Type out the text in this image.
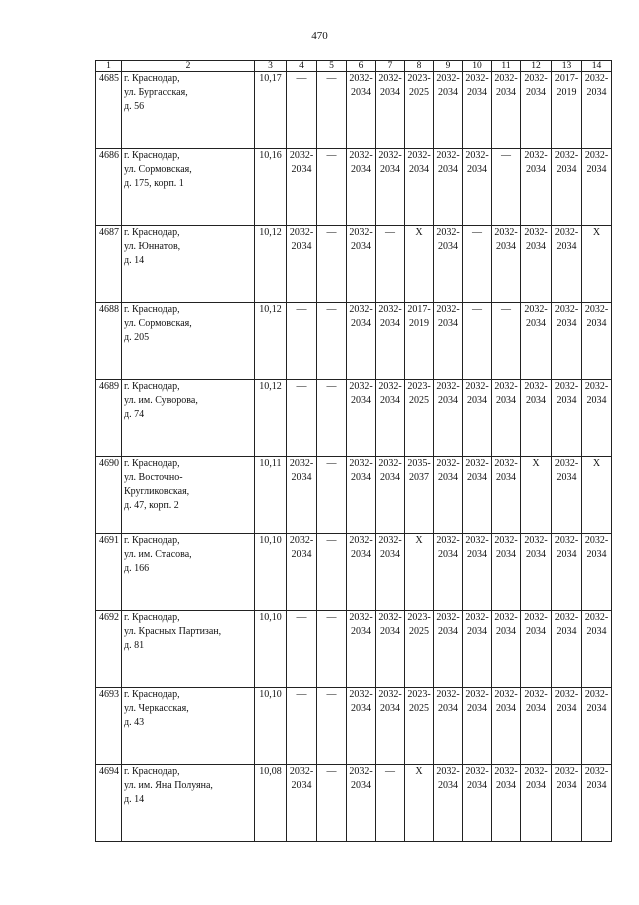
470
1	2	3	4	5	6	7	8	9	10	11	12	13	14
4685	г. Краснодар,
ул. Бургасская,
д. 56	10,17	—	—	2032-
2034	2032-
2034	2023-
2025	2032-
2034	2032-
2034	2032-
2034	2032-
2034	2017-
2019	2032-
2034

4686	г. Краснодар,
ул. Сормовская,
д. 175, корп. 1	10,16	2032-
2034	—	2032-
2034	2032-
2034	2032-
2034	2032-
2034	2032-
2034	—	2032-
2034	2032-
2034	2032-
2034

4687	г. Краснодар,
ул. Юннатов,
д. 14	10,12	2032-
2034	—	2032-
2034	—	X	2032-
2034	—	2032-
2034	2032-
2034	2032-
2034	X

4688	г. Краснодар,
ул. Сормовская,
д. 205	10,12	—	—	2032-
2034	2032-
2034	2017-
2019	2032-
2034	—	—	2032-
2034	2032-
2034	2032-
2034

4689	г. Краснодар,
ул. им. Суворова,
д. 74	10,12	—	—	2032-
2034	2032-
2034	2023-
2025	2032-
2034	2032-
2034	2032-
2034	2032-
2034	2032-
2034	2032-
2034

4690	г. Краснодар,
ул. Восточно-
Кругликовская,
д. 47, корп. 2	10,11	2032-
2034	—	2032-
2034	2032-
2034	2035-
2037	2032-
2034	2032-
2034	2032-
2034	X	2032-
2034	X

4691	г. Краснодар,
ул. им. Стасова,
д. 166	10,10	2032-
2034	—	2032-
2034	2032-
2034	X	2032-
2034	2032-
2034	2032-
2034	2032-
2034	2032-
2034	2032-
2034

4692	г. Краснодар,
ул. Красных Партизан,
д. 81	10,10	—	—	2032-
2034	2032-
2034	2023-
2025	2032-
2034	2032-
2034	2032-
2034	2032-
2034	2032-
2034	2032-
2034

4693	г. Краснодар,
ул. Черкасская,
д. 43	10,10	—	—	2032-
2034	2032-
2034	2023-
2025	2032-
2034	2032-
2034	2032-
2034	2032-
2034	2032-
2034	2032-
2034

4694	г. Краснодар,
ул. им. Яна Полуяна,
д. 14	10,08	2032-
2034	—	2032-
2034	—	X	2032-
2034	2032-
2034	2032-
2034	2032-
2034	2032-
2034	2032-
2034
